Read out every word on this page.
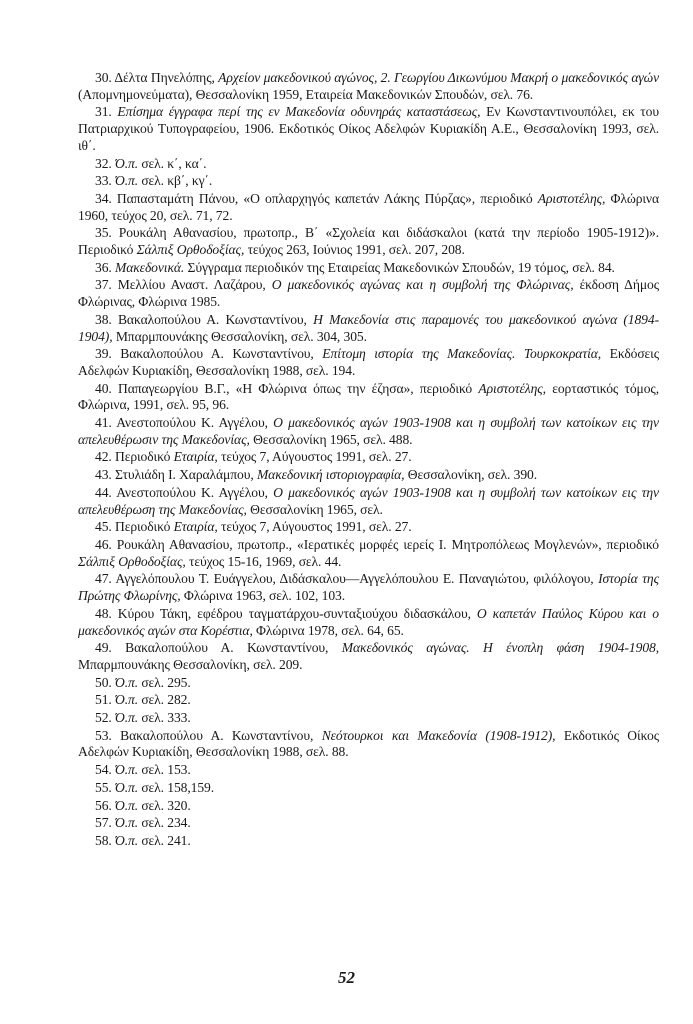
30. Δέλτα Πηνελόπης, Αρχείον μακεδονικού αγώνος, 2. Γεωργίου Δικωνύμου Μακρή ο μακεδονικός αγών (Απομνημονεύματα), Θεσσαλονίκη 1959, Εταιρεία Μακεδονικών Σπουδών, σελ. 76.

31. Επίσημα έγγραφα περί της εν Μακεδονία οδυνηράς καταστάσεως, Εν Κωνσταντινουπόλει, εκ του Πατριαρχικού Τυπογραφείου, 1906. Εκδοτικός Οίκος Αδελφών Κυριακίδη Α.Ε., Θεσσαλονίκη 1993, σελ. ιθ΄.

32. Ό.π. σελ. κ΄, κα΄.

33. Ό.π. σελ. κβ΄, κγ΄.

34. Παπασταμάτη Πάνου, «Ο οπλαρχηγός καπετάν Λάκης Πύρζας», περιοδικό Αριστοτέλης, Φλώρινα 1960, τεύχος 20, σελ. 71, 72.

35. Ρουκάλη Αθανασίου, πρωτοπρ., Β΄ «Σχολεία και διδάσκαλοι (κατά την περίοδο 1905-1912)». Περιοδικό Σάλπιξ Ορθοδοξίας, τεύχος 263, Ιούνιος 1991, σελ. 207, 208.

36. Μακεδονικά. Σύγγραμα περιοδικόν της Εταιρείας Μακεδονικών Σπουδών, 19 τόμος, σελ. 84.

37. Μελλίου Αναστ. Λαζάρου, Ο μακεδονικός αγώνας και η συμβολή της Φλώρινας, έκδοση Δήμος Φλώρινας, Φλώρινα 1985.

38. Βακαλοπούλου Α. Κωνσταντίνου, Η Μακεδονία στις παραμονές του μακεδονικού αγώνα (1894-1904), Μπαρμπουνάκης Θεσσαλονίκη, σελ. 304, 305.

39. Βακαλοπούλου Α. Κωνσταντίνου, Επίτομη ιστορία της Μακεδονίας. Τουρκοκρατία, Εκδόσεις Αδελφών Κυριακίδη, Θεσσαλονίκη 1988, σελ. 194.

40. Παπαγεωργίου Β.Γ., «Η Φλώρινα όπως την έζησα», περιοδικό Αριστοτέλης, εορταστικός τόμος, Φλώρινα, 1991, σελ. 95, 96.

41. Ανεστοπούλου Κ. Αγγέλου, Ο μακεδονικός αγών 1903-1908 και η συμβολή των κατοίκων εις την απελευθέρωσιν της Μακεδονίας, Θεσσαλονίκη 1965, σελ. 488.

42. Περιοδικό Εταιρία, τεύχος 7, Αύγουστος 1991, σελ. 27.

43. Στυλιάδη Ι. Χαραλάμπου, Μακεδονική ιστοριογραφία, Θεσσαλονίκη, σελ. 390.

44. Ανεστοπούλου Κ. Αγγέλου, Ο μακεδονικός αγών 1903-1908 και η συμβολή των κατοίκων εις την απελευθέρωση της Μακεδονίας, Θεσσαλονίκη 1965, σελ.

45. Περιοδικό Εταιρία, τεύχος 7, Αύγουστος 1991, σελ. 27.

46. Ρουκάλη Αθανασίου, πρωτοπρ., «Ιερατικές μορφές ιερείς Ι. Μητροπόλεως Μογλενών», περιοδικό Σάλπιξ Ορθοδοξίας, τεύχος 15-16, 1969, σελ. 44.

47. Αγγελόπουλου Τ. Ευάγγελου, Διδάσκαλου—Αγγελόπουλου Ε. Παναγιώτου, φιλόλογου, Ιστορία της Πρώτης Φλωρίνης, Φλώρινα 1963, σελ. 102, 103.

48. Κύρου Τάκη, εφέδρου ταγματάρχου-συνταξιούχου διδασκάλου, Ο καπετάν Παύλος Κύρου και ο μακεδονικός αγών στα Κορέστια, Φλώρινα 1978, σελ. 64, 65.

49. Βακαλοπούλου Α. Κωνσταντίνου, Μακεδονικός αγώνας. Η ένοπλη φάση 1904-1908, Μπαρμπουνάκης Θεσσαλονίκη, σελ. 209.

50. Ό.π. σελ. 295.

51. Ό.π. σελ. 282.

52. Ό.π. σελ. 333.

53. Βακαλοπούλου Α. Κωνσταντίνου, Νεότουρκοι και Μακεδονία (1908-1912), Εκδοτικός Οίκος Αδελφών Κυριακίδη, Θεσσαλονίκη 1988, σελ. 88.

54. Ό.π. σελ. 153.

55. Ό.π. σελ. 158,159.

56. Ό.π. σελ. 320.

57. Ό.π. σελ. 234.

58. Ό.π. σελ. 241.

52
